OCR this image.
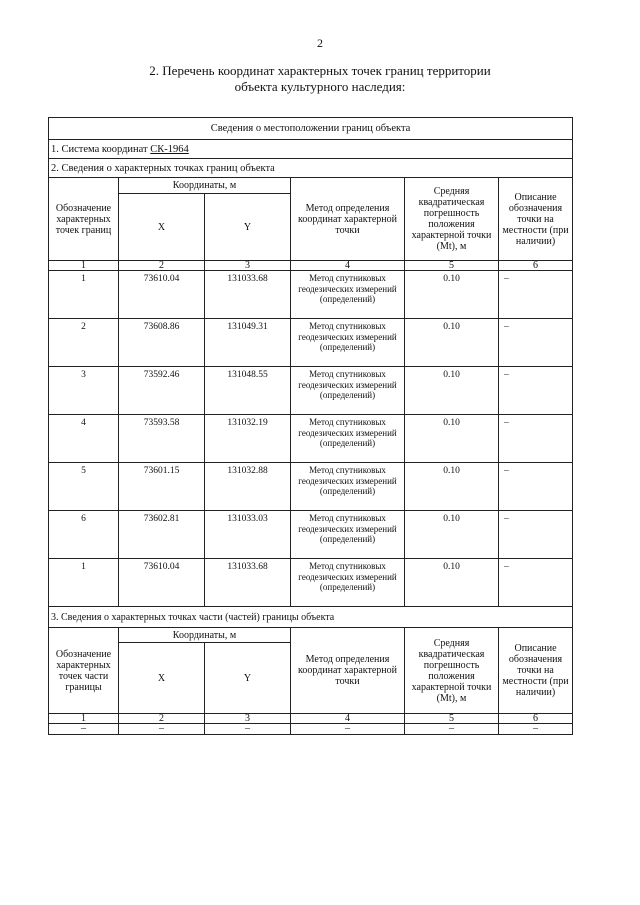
2
2. Перечень координат характерных точек границ территории
объекта культурного наследия:
Сведения о местоположении границ объекта					
1. Система координат СК-1964					
2. Сведения о характерных точках границ объекта					
Обозначение характерных точек границ	Координаты, м		Метод определения координат характерной точки	Средняя квадратическая погрешность положения характерной точки (Mt), м	Описание обозначения точки на местности (при наличии)
	X	Y			
1	2	3	4	5	6
1	73610.04	131033.68	Метод спутниковых геодезических измерений (определений)	0.10	–
2	73608.86	131049.31	Метод спутниковых геодезических измерений (определений)	0.10	–
3	73592.46	131048.55	Метод спутниковых геодезических измерений (определений)	0.10	–
4	73593.58	131032.19	Метод спутниковых геодезических измерений (определений)	0.10	–
5	73601.15	131032.88	Метод спутниковых геодезических измерений (определений)	0.10	–
6	73602.81	131033.03	Метод спутниковых геодезических измерений (определений)	0.10	–
1	73610.04	131033.68	Метод спутниковых геодезических измерений (определений)	0.10	–
3. Сведения о характерных точках части (частей) границы объекта					
Обозначение характерных точек части границы	Координаты, м		Метод определения координат характерной точки	Средняя квадратическая погрешность положения характерной точки (Mt), м	Описание обозначения точки на местности (при наличии)
	X	Y			
1	2	3	4	5	6
–	–	–	–	–	–
